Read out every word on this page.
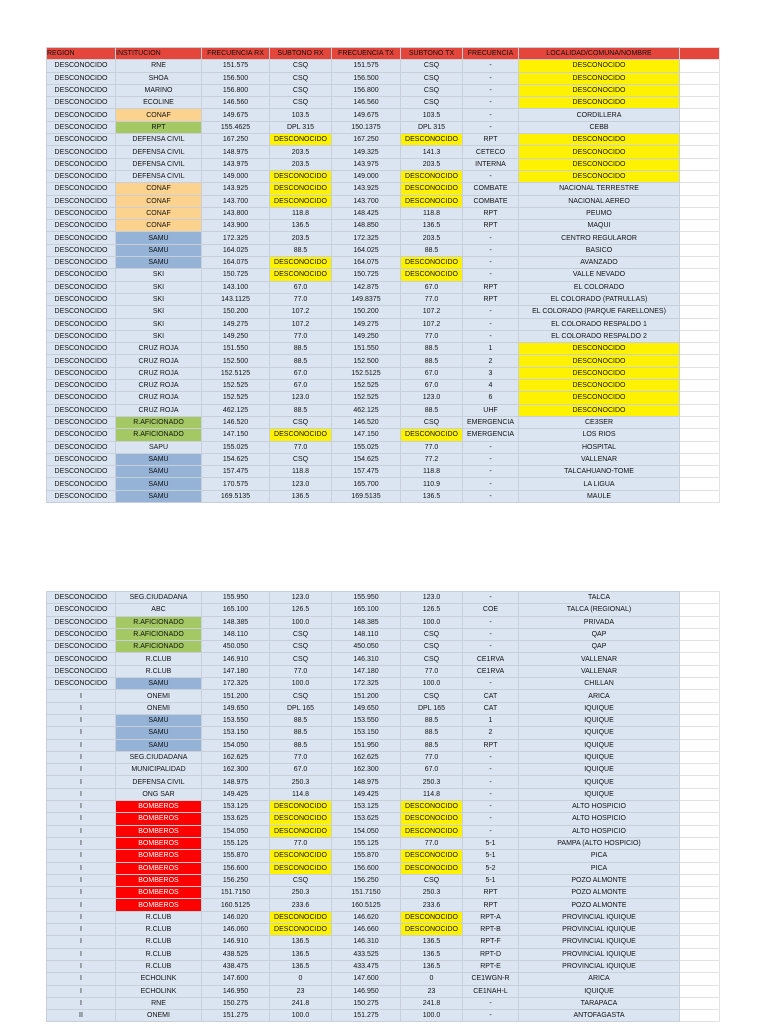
REGION	INSTITUCION	FRECUENCIA RX	SUBTONO RX	FRECUENCIA TX	SUBTONO TX	FRECUENCIA	LOCALIDAD/COMUNA/NOMBRE	
DESCONOCIDO	RNE	151.575	CSQ	151.575	CSQ	-	DESCONOCIDO	
DESCONOCIDO	SHOA	156.500	CSQ	156.500	CSQ	-	DESCONOCIDO	
DESCONOCIDO	MARINO	156.800	CSQ	156.800	CSQ	-	DESCONOCIDO	
DESCONOCIDO	ECOLINE	146.560	CSQ	146.560	CSQ	-	DESCONOCIDO	
DESCONOCIDO	CONAF	149.675	103.5	149.675	103.5	-	CORDILLERA	
DESCONOCIDO	RPT	155.4625	DPL 315	150.1375	DPL 315	-	CEBB	
DESCONOCIDO	DEFENSA CIVIL	167.250	DESCONOCIDO	167.250	DESCONOCIDO	RPT	DESCONOCIDO	
DESCONOCIDO	DEFENSA CIVIL	148.975	203.5	149.325	141.3	CETECO	DESCONOCIDO	
DESCONOCIDO	DEFENSA CIVIL	143.975	203.5	143.975	203.5	INTERNA	DESCONOCIDO	
DESCONOCIDO	DEFENSA CIVIL	149.000	DESCONOCIDO	149.000	DESCONOCIDO	-	DESCONOCIDO	
DESCONOCIDO	CONAF	143.925	DESCONOCIDO	143.925	DESCONOCIDO	COMBATE	NACIONAL TERRESTRE	
DESCONOCIDO	CONAF	143.700	DESCONOCIDO	143.700	DESCONOCIDO	COMBATE	NACIONAL AEREO	
DESCONOCIDO	CONAF	143.800	118.8	148.425	118.8	RPT	PEUMO	
DESCONOCIDO	CONAF	143.900	136.5	148.850	136.5	RPT	MAQUI	
DESCONOCIDO	SAMU	172.325	203.5	172.325	203.5	-	CENTRO REGULAROR	
DESCONOCIDO	SAMU	164.025	88.5	164.025	88.5	-	BASICO	
DESCONOCIDO	SAMU	164.075	DESCONOCIDO	164.075	DESCONOCIDO	-	AVANZADO	
DESCONOCIDO	SKI	150.725	DESCONOCIDO	150.725	DESCONOCIDO	-	VALLE NEVADO	
DESCONOCIDO	SKI	143.100	67.0	142.875	67.0	RPT	EL COLORADO	
DESCONOCIDO	SKI	143.1125	77.0	149.8375	77.0	RPT	EL COLORADO (PATRULLAS)	
DESCONOCIDO	SKI	150.200	107.2	150.200	107.2	-	EL COLORADO (PARQUE FARELLONES)	
DESCONOCIDO	SKI	149.275	107.2	149.275	107.2	-	EL COLORADO RESPALDO 1	
DESCONOCIDO	SKI	149.250	77.0	149.250	77.0	-	EL COLORADO RESPALDO 2	
DESCONOCIDO	CRUZ ROJA	151.550	88.5	151.550	88.5	1	DESCONOCIDO	
DESCONOCIDO	CRUZ ROJA	152.500	88.5	152.500	88.5	2	DESCONOCIDO	
DESCONOCIDO	CRUZ ROJA	152.5125	67.0	152.5125	67.0	3	DESCONOCIDO	
DESCONOCIDO	CRUZ ROJA	152.525	67.0	152.525	67.0	4	DESCONOCIDO	
DESCONOCIDO	CRUZ ROJA	152.525	123.0	152.525	123.0	6	DESCONOCIDO	
DESCONOCIDO	CRUZ ROJA	462.125	88.5	462.125	88.5	UHF	DESCONOCIDO	
DESCONOCIDO	R.AFICIONADO	146.520	CSQ	146.520	CSQ	EMERGENCIA	CE3SER	
DESCONOCIDO	R.AFICIONADO	147.150	DESCONOCIDO	147.150	DESCONOCIDO	EMERGENCIA	LOS RIOS	
DESCONOCIDO	SAPU	155.025	77.0	155.025	77.0	-	HOSPITAL	
DESCONOCIDO	SAMU	154.625	CSQ	154.625	77.2	-	VALLENAR	
DESCONOCIDO	SAMU	157.475	118.8	157.475	118.8	-	TALCAHUANO-TOME	
DESCONOCIDO	SAMU	170.575	123.0	165.700	110.9	-	LA LIGUA	
DESCONOCIDO	SAMU	169.5135	136.5	169.5135	136.5	-	MAULE	
DESCONOCIDO	SEG.CIUDADANA	155.950	123.0	155.950	123.0	-	TALCA	
DESCONOCIDO	ABC	165.100	126.5	165.100	126.5	COE	TALCA (REGIONAL)	
DESCONOCIDO	R.AFICIONADO	148.385	100.0	148.385	100.0	-	PRIVADA	
DESCONOCIDO	R.AFICIONADO	148.110	CSQ	148.110	CSQ	-	QAP	
DESCONOCIDO	R.AFICIONADO	450.050	CSQ	450.050	CSQ	-	QAP	
DESCONOCIDO	R.CLUB	146.910	CSQ	146.310	CSQ	CE1RVA	VALLENAR	
DESCONOCIDO	R.CLUB	147.180	77.0	147.180	77.0	CE1RVA	VALLENAR	
DESCONOCIDO	SAMU	172.325	100.0	172.325	100.0	-	CHILLAN	
I	ONEMI	151.200	CSQ	151.200	CSQ	CAT	ARICA	
I	ONEMI	149.650	DPL 165	149.650	DPL 165	CAT	IQUIQUE	
I	SAMU	153.550	88.5	153.550	88.5	1	IQUIQUE	
I	SAMU	153.150	88.5	153.150	88.5	2	IQUIQUE	
I	SAMU	154.050	88.5	151.950	88.5	RPT	IQUIQUE	
I	SEG.CIUDADANA	162.625	77.0	162.625	77.0	-	IQUIQUE	
I	MUNICIPALIDAD	162.300	67.0	162.300	67.0	-	IQUIQUE	
I	DEFENSA CIVIL	148.975	250.3	148.975	250.3	-	IQUIQUE	
I	ONG SAR	149.425	114.8	149.425	114.8	-	IQUIQUE	
I	BOMBEROS	153.125	DESCONOCIDO	153.125	DESCONOCIDO	-	ALTO HOSPICIO	
I	BOMBEROS	153.625	DESCONOCIDO	153.625	DESCONOCIDO	-	ALTO HOSPICIO	
I	BOMBEROS	154.050	DESCONOCIDO	154.050	DESCONOCIDO	-	ALTO HOSPICIO	
I	BOMBEROS	155.125	77.0	155.125	77.0	5-1	PAMPA (ALTO HOSPICIO)	
I	BOMBEROS	155.870	DESCONOCIDO	155.870	DESCONOCIDO	5-1	PICA	
I	BOMBEROS	156.600	DESCONOCIDO	156.600	DESCONOCIDO	5-2	PICA	
I	BOMBEROS	156.250	CSQ	156.250	CSQ	5-1	POZO ALMONTE	
I	BOMBEROS	151.7150	250.3	151.7150	250.3	RPT	POZO ALMONTE	
I	BOMBEROS	160.5125	233.6	160.5125	233.6	RPT	POZO ALMONTE	
I	R.CLUB	146.020	DESCONOCIDO	146.620	DESCONOCIDO	RPT-A	PROVINCIAL IQUIQUE	
I	R.CLUB	146.060	DESCONOCIDO	146.660	DESCONOCIDO	RPT-B	PROVINCIAL IQUIQUE	
I	R.CLUB	146.910	136.5	146.310	136.5	RPT-F	PROVINCIAL IQUIQUE	
I	R.CLUB	438.525	136.5	433.525	136.5	RPT-D	PROVINCIAL IQUIQUE	
I	R.CLUB	438.475	136.5	433.475	136.5	RPT-E	PROVINCIAL IQUIQUE	
I	ECHOLINK	147.600	0	147.600	0	CE1WGN-R	ARICA	
I	ECHOLINK	146.950	23	146.950	23	CE1NAH-L	IQUIQUE	
I	RNE	150.275	241.8	150.275	241.8	-	TARAPACA	
II	ONEMI	151.275	100.0	151.275	100.0	-	ANTOFAGASTA	
